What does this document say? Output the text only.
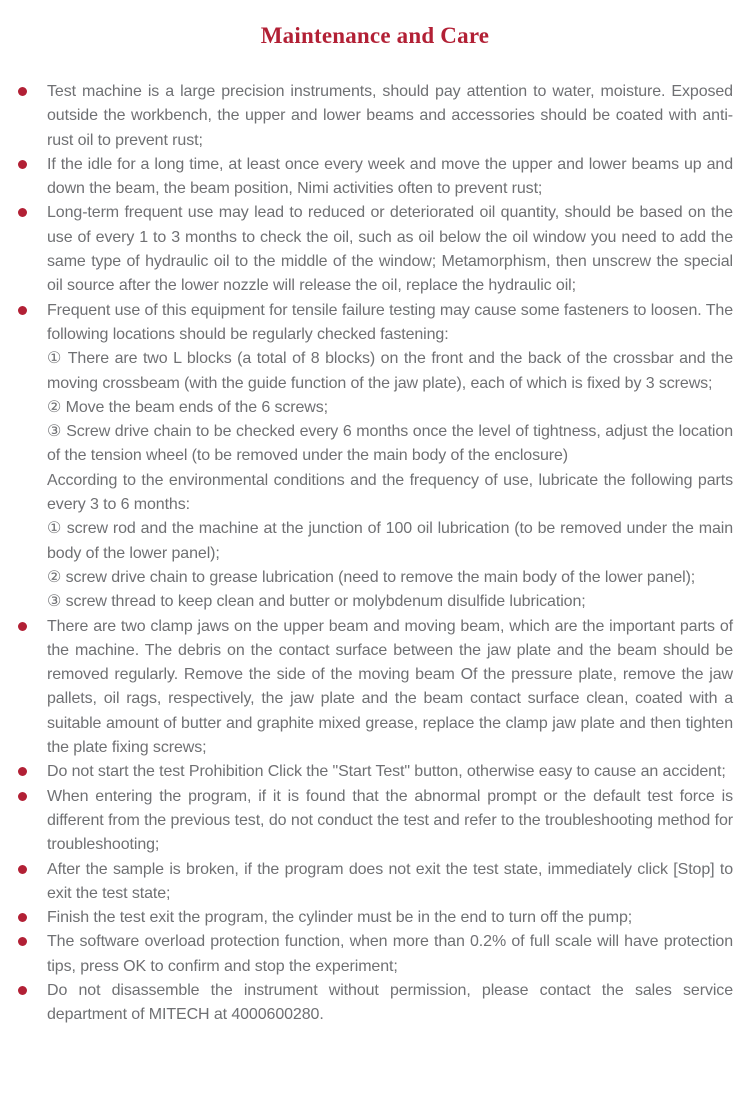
Maintenance and Care

Test machine is a large precision instruments, should pay attention to water, moisture. Exposed outside the workbench, the upper and lower beams and accessories should be coated with anti-rust oil to prevent rust;

If the idle for a long time, at least once every week and move the upper and lower beams up and down the beam, the beam position, Nimi activities often to prevent rust;

Long-term frequent use may lead to reduced or deteriorated oil quantity, should be based on the use of every 1 to 3 months to check the oil, such as oil below the oil window you need to add the same type of hydraulic oil to the middle of the window; Metamorphism, then unscrew the special oil source after the lower nozzle will release the oil, replace the hydraulic oil;

Frequent use of this equipment for tensile failure testing may cause some fasteners to loosen. The following locations should be regularly checked fastening:

① There are two L blocks (a total of 8 blocks) on the front and the back of the crossbar and the moving crossbeam (with the guide function of the jaw plate), each of which is fixed by 3 screws;

② Move the beam ends of the 6 screws;

③ Screw drive chain to be checked every 6 months once the level of tightness, adjust the location of the tension wheel (to be removed under the main body of the enclosure)

According to the environmental conditions and the frequency of use, lubricate the following parts every 3 to 6 months:

① screw rod and the machine at the junction of 100 oil lubrication (to be removed under the main body of the lower panel);

② screw drive chain to grease lubrication (need to remove the main body of the lower panel);

③ screw thread to keep clean and butter or molybdenum disulfide lubrication;

There are two clamp jaws on the upper beam and moving beam, which are the important parts of the machine. The debris on the contact surface between the jaw plate and the beam should be removed regularly. Remove the side of the moving beam Of the pressure plate, remove the jaw pallets, oil rags, respectively, the jaw plate and the beam contact surface clean, coated with a suitable amount of butter and graphite mixed grease, replace the clamp jaw plate and then tighten the plate fixing screws;

Do not start the test Prohibition Click the "Start Test" button, otherwise easy to cause an accident;

When entering the program, if it is found that the abnormal prompt or the default test force is different from the previous test, do not conduct the test and refer to the troubleshooting method for troubleshooting;

After the sample is broken, if the program does not exit the test state, immediately click [Stop] to exit the test state;

Finish the test exit the program, the cylinder must be in the end to turn off the pump;

The software overload protection function, when more than 0.2% of full scale will have protection tips, press OK to confirm and stop the experiment;

Do not disassemble the instrument without permission, please contact the sales service department of MITECH at 4000600280.
